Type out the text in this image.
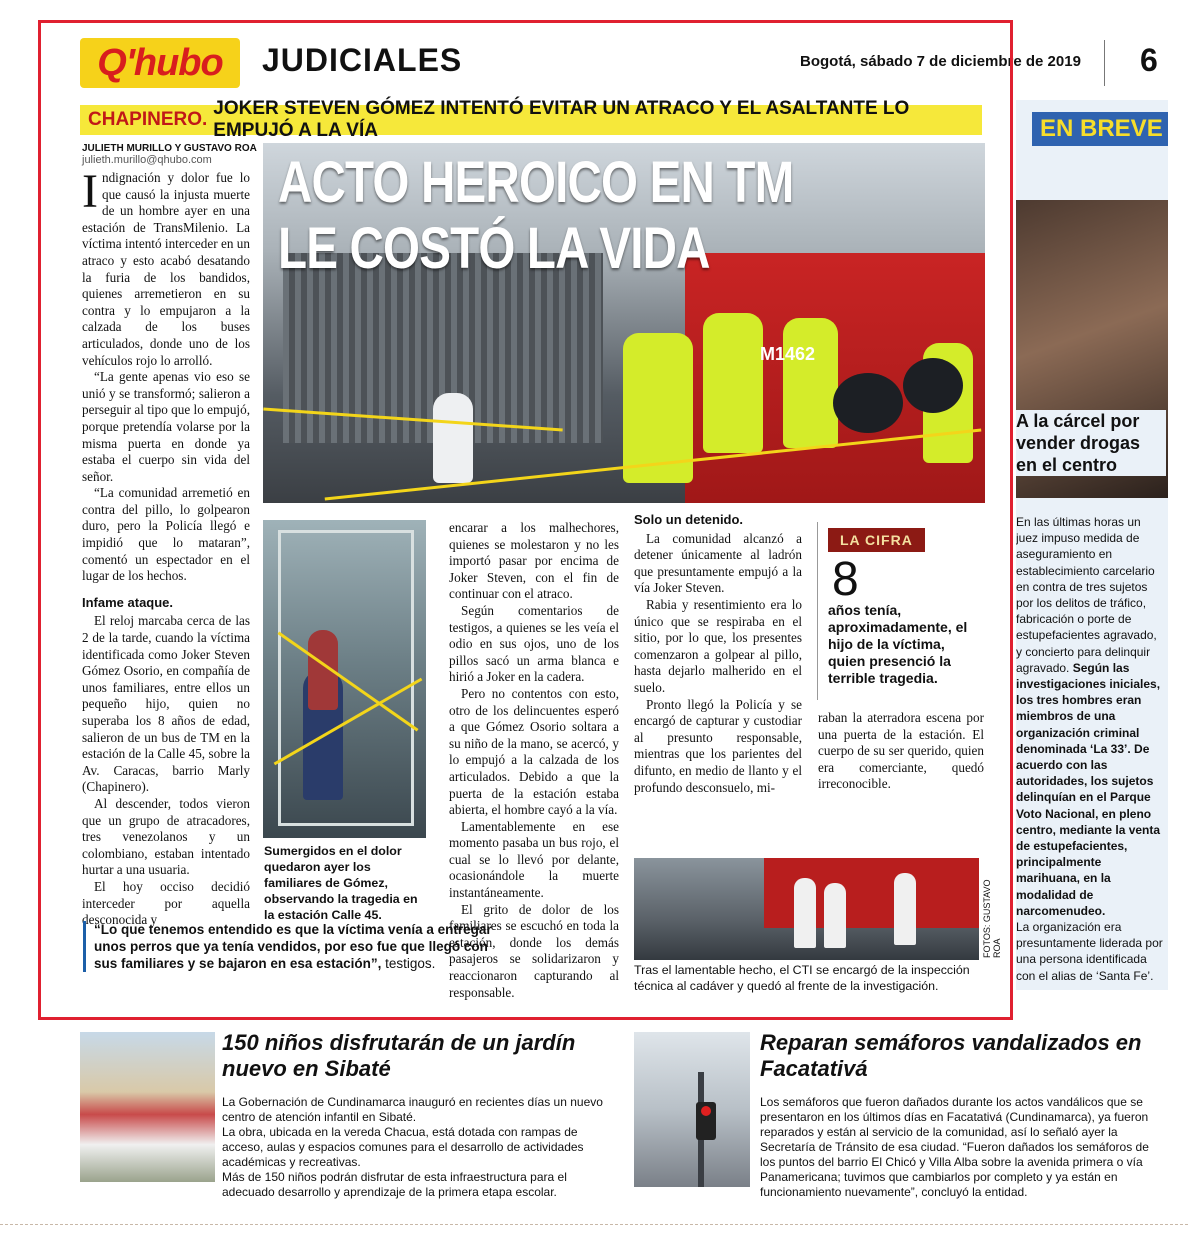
Q'hubo JUDICIALES	Bogotá, sábado 7 de diciembre de 2019 6
CHAPINERO.
JOKER STEVEN GÓMEZ INTENTÓ EVITAR UN ATRACO Y EL ASALTANTE LO EMPUJÓ A LA VÍA
JULIETH MURILLO Y GUSTAVO ROA
julieth.murillo@qhubo.com

Indignación y dolor fue lo que causó la injusta muerte de un hombre ayer en una estación de TransMilenio. La víctima intentó interceder en un atraco y esto acabó desatando la furia de los bandidos, quienes arremetieron en su contra y lo empujaron a la calzada de los buses articulados, donde uno de los vehículos rojo lo arrolló.

“La gente apenas vio eso se unió y se transformó; salieron a perseguir al tipo que lo empujó, porque pretendía volarse por la misma puerta en donde ya estaba el cuerpo sin vida del señor.

“La comunidad arremetió en contra del pillo, lo golpearon duro, pero la Policía llegó e impidió que lo mataran”, comentó un espectador en el lugar de los hechos.

Infame ataque.

El reloj marcaba cerca de las 2 de la tarde, cuando la víctima identificada como Joker Steven Gómez Osorio, en compañía de unos familiares, entre ellos un pequeño hijo, quien no superaba los 8 años de edad, salieron de un bus de TM en la estación de la Calle 45, sobre la Av. Caracas, barrio Marly (Chapinero).

Al descender, todos vieron que un grupo de atracadores, tres venezolanos y un colombiano, estaban intentado hurtar a una usuaria.

El hoy occiso decidió interceder por aquella desconocida y

M1462
ACTO HEROICO EN TM
LE COSTÓ LA VIDA
Sumergidos en el dolor quedaron ayer los familiares de Gómez, observando la tragedia en la estación Calle 45.

encarar a los malhechores, quienes se molestaron y no les importó pasar por encima de Joker Steven, con el fin de continuar con el atraco.

Según comentarios de testigos, a quienes se les veía el odio en sus ojos, uno de los pillos sacó un arma blanca e hirió a Joker en la cadera.

Pero no contentos con esto, otro de los delincuentes esperó a que Gómez Osorio soltara a su niño de la mano, se acercó, y lo empujó a la calzada de los articulados. Debido a que la puerta de la estación estaba abierta, el hombre cayó a la vía.

Lamentablemente en ese momento pasaba un bus rojo, el cual se lo llevó por delante, ocasionándole la muerte instantáneamente.

El grito de dolor de los familiares se escuchó en toda la estación, donde los demás pasajeros se solidarizaron y reaccionaron capturando al responsable.

Solo un detenido.

La comunidad alcanzó a detener únicamente al ladrón que presuntamente empujó a la vía Joker Steven.

Rabia y resentimiento era lo único que se respiraba en el sitio, por lo que, los presentes comenzaron a golpear al pillo, hasta dejarlo malherido en el suelo.

Pronto llegó la Policía y se encargó de capturar y custodiar al presunto responsable, mientras que los parientes del difunto, en medio de llanto y el profundo desconsuelo, mi-

LA CIFRA
8
años tenía, aproximadamente, el hijo de la víctima, quien presenció la terrible tragedia.

raban la aterradora escena por una puerta de la estación. El cuerpo de su ser querido, quien era comerciante, quedó irreconocible.

FOTOS: GUSTAVO ROA
Tras el lamentable hecho, el CTI se encargó de la inspección técnica al cadáver y quedó al frente de la investigación.
“Lo que tenemos entendido es que la víctima venía a entregar unos perros que ya tenía vendidos, por eso fue que llegó con sus familiares y se bajaron en esa estación”, testigos.
EN BREVE
A la cárcel por vender drogas en el centro
En las últimas horas un juez impuso medida de aseguramiento en establecimiento carcelario en contra de tres sujetos por los delitos de tráfico, fabricación o porte de estupefacientes agravado, y concierto para delinquir agravado. Según las investigaciones iniciales, los tres hombres eran miembros de una organización criminal denominada ‘La 33’. De acuerdo con las autoridades, los sujetos delinquían en el Parque Voto Nacional, en pleno centro, mediante la venta de estupefacientes, principalmente marihuana, en la modalidad de narcomenudeo.
La organización era presuntamente liderada por una persona identificada con el alias de ‘Santa Fe’.
150 niños disfrutarán de un jardín nuevo en Sibaté
La Gobernación de Cundinamarca inauguró en recientes días un nuevo centro de atención infantil en Sibaté.
La obra, ubicada en la vereda Chacua, está dotada con rampas de acceso, aulas y espacios comunes para el desarrollo de actividades académicas y recreativas.
Más de 150 niños podrán disfrutar de esta infraestructura para el adecuado desarrollo y aprendizaje de la primera etapa escolar.
Reparan semáforos vandalizados en Facatativá
Los semáforos que fueron dañados durante los actos vandálicos que se presentaron en los últimos días en Facatativá (Cundinamarca), ya fueron reparados y están al servicio de la comunidad, así lo señaló ayer la Secretaría de Tránsito de esa ciudad. “Fueron dañados los semáforos de los puntos del barrio El Chicó y Villa Alba sobre la avenida primera o vía Panamericana; tuvimos que cambiarlos por completo y ya están en funcionamiento nuevamente”, concluyó la entidad.
